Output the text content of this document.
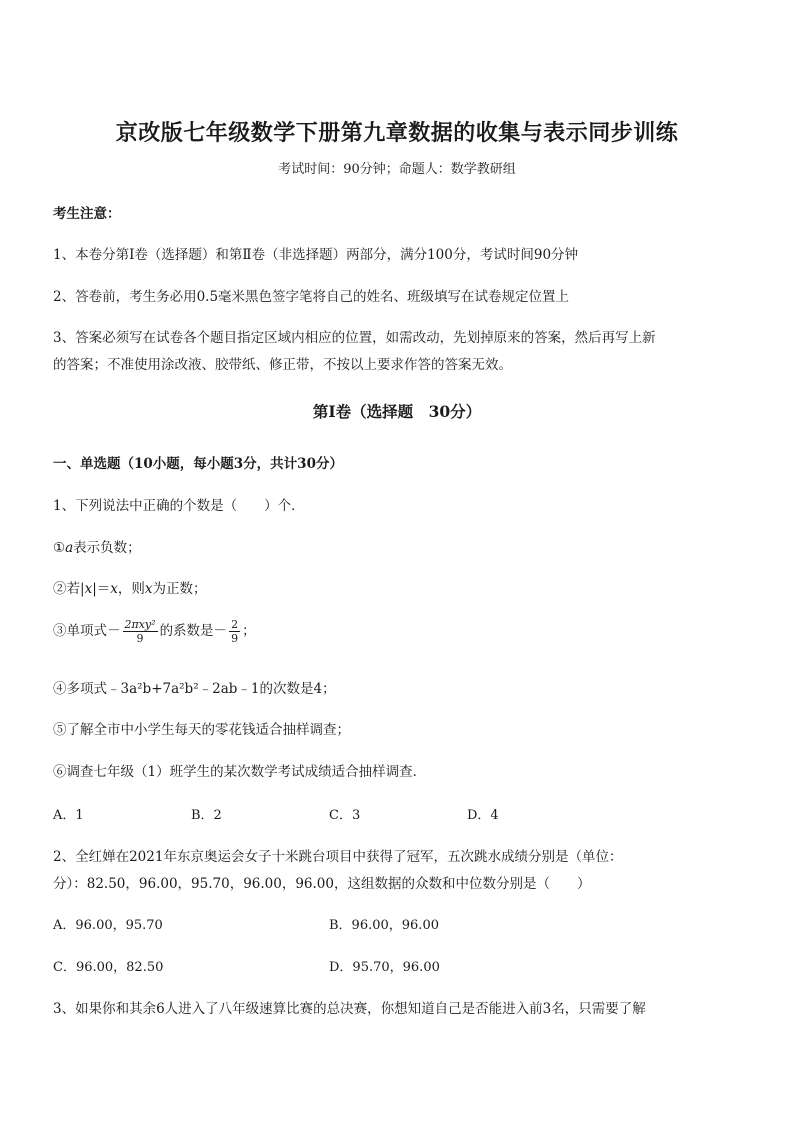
京改版七年级数学下册第九章数据的收集与表示同步训练
考试时间：90分钟；命题人：数学教研组
考生注意：
1、本卷分第Ⅰ卷（选择题）和第Ⅱ卷（非选择题）两部分，满分100分，考试时间90分钟
2、答卷前，考生务必用0.5毫米黑色签字笔将自己的姓名、班级填写在试卷规定位置上
3、答案必须写在试卷各个题目指定区域内相应的位置，如需改动，先划掉原来的答案，然后再写上新
的答案；不准使用涂改液、胶带纸、修正带，不按以上要求作答的答案无效。
第Ⅰ卷（选择题　30分）
一、单选题（10小题，每小题3分，共计30分）
1、下列说法中正确的个数是（　　）个．
①a表示负数；
②若|x|＝x，则x为正数；
③单项式－ $\frac{\text{2πxy²}}{9}$ 的系数是－ $\frac{2}{9}$ ；
④多项式﹣3a²b+7a²b²﹣2ab﹣1的次数是4；
⑤了解全市中小学生每天的零花钱适合抽样调查；
⑥调查七年级（1）班学生的某次数学考试成绩适合抽样调查．
A．1	B．2	C．3	D．4
2、全红婵在2021年东京奥运会女子十米跳台项目中获得了冠军，五次跳水成绩分别是（单位：
分）：82.50，96.00，95.70，96.00，96.00，这组数据的众数和中位数分别是（　　）
A．96.00，95.70	B．96.00，96.00
C．96.00，82.50	D．95.70，96.00
3、如果你和其余6人进入了八年级速算比赛的总决赛，你想知道自己是否能进入前3名，只需要了解
